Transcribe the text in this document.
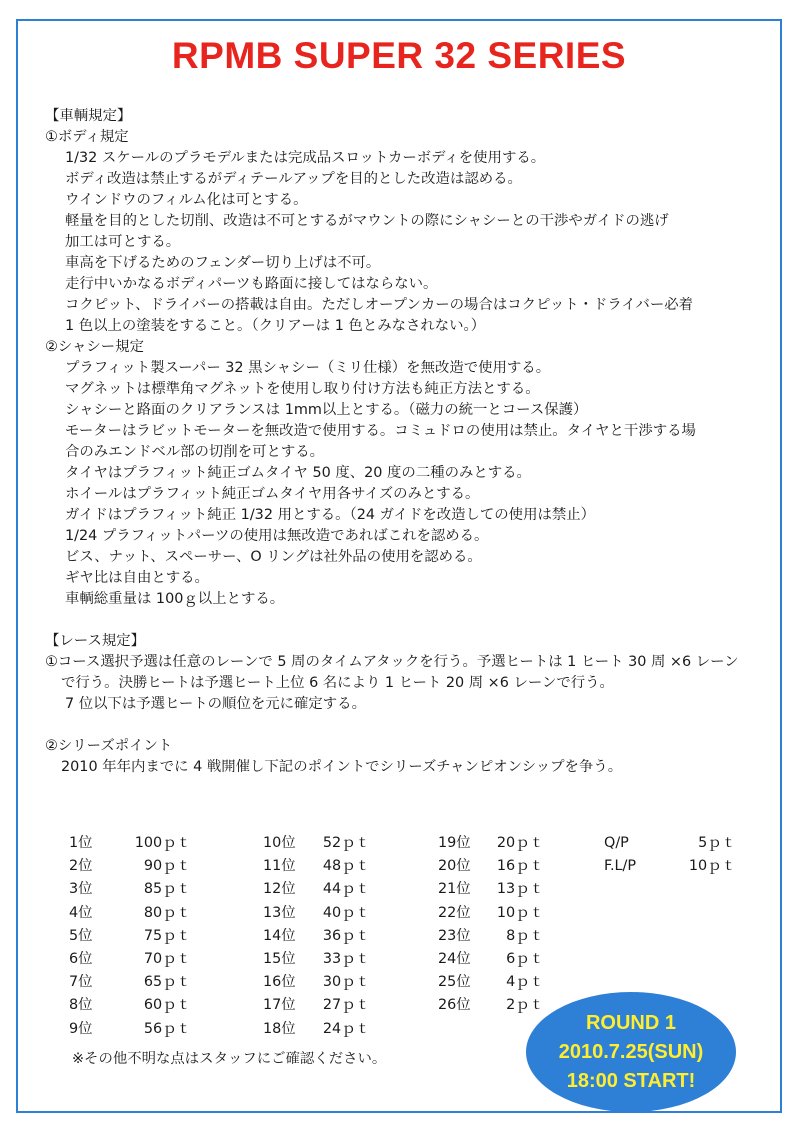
RPMB SUPER 32 SERIES
【車輌規定】
①ボディ規定
1/32 スケールのプラモデルまたは完成品スロットカーボディを使用する。
ボディ改造は禁止するがディテールアップを目的とした改造は認める。
ウインドウのフィルム化は可とする。
軽量を目的とした切削、改造は不可とするがマウントの際にシャシーとの干渉やガイドの逃げ
加工は可とする。
車高を下げるためのフェンダー切り上げは不可。
走行中いかなるボディパーツも路面に接してはならない。
コクピット、ドライバーの搭載は自由。ただしオープンカーの場合はコクピット・ドライバー必着
1 色以上の塗装をすること。（クリアーは 1 色とみなされない。）
②シャシー規定
プラフィット製スーパー 32 黒シャシー（ミリ仕様）を無改造で使用する。
マグネットは標準角マグネットを使用し取り付け方法も純正方法とする。
シャシーと路面のクリアランスは 1mm以上とする。（磁力の統一とコース保護）
モーターはラビットモーターを無改造で使用する。コミュドロの使用は禁止。タイヤと干渉する場
合のみエンドベル部の切削を可とする。
タイヤはプラフィット純正ゴムタイヤ 50 度、20 度の二種のみとする。
ホイールはプラフィット純正ゴムタイヤ用各サイズのみとする。
ガイドはプラフィット純正 1/32 用とする。（24 ガイドを改造しての使用は禁止）
1/24 プラフィットパーツの使用は無改造であればこれを認める。
ビス、ナット、スペーサー、O リングは社外品の使用を認める。
ギヤ比は自由とする。
車輌総重量は 100ｇ以上とする。
【レース規定】
①コース選択予選は任意のレーンで 5 周のタイムアタックを行う。予選ヒートは 1 ヒート 30 周 ×6 レーン
で行う。決勝ヒートは予選ヒート上位 6 名により 1 ヒート 20 周 ×6 レーンで行う。
7 位以下は予選ヒートの順位を元に確定する。
②シリーズポイント
2010 年年内までに 4 戦開催し下記のポイントでシリーズチャンピオンシップを争う。
1位	100ｐｔ
2位	90ｐｔ
3位	85ｐｔ
4位	80ｐｔ
5位	75ｐｔ
6位	70ｐｔ
7位	65ｐｔ
8位	60ｐｔ
9位	56ｐｔ
10位 52ｐｔ
11位 48ｐｔ
12位 44ｐｔ
13位 40ｐｔ
14位 36ｐｔ
15位 33ｐｔ
16位 30ｐｔ
17位 27ｐｔ
18位 24ｐｔ
19位 20ｐｔ
20位 16ｐｔ
21位 13ｐｔ
22位 10ｐｔ
23位 8ｐｔ
24位 6ｐｔ
25位 4ｐｔ
26位 2ｐｔ
Q/P	5ｐｔ
F.L/P	10ｐｔ
※その他不明な点はスタッフにご確認ください。
ROUND 1
2010.7.25(SUN)
18:00 START!
